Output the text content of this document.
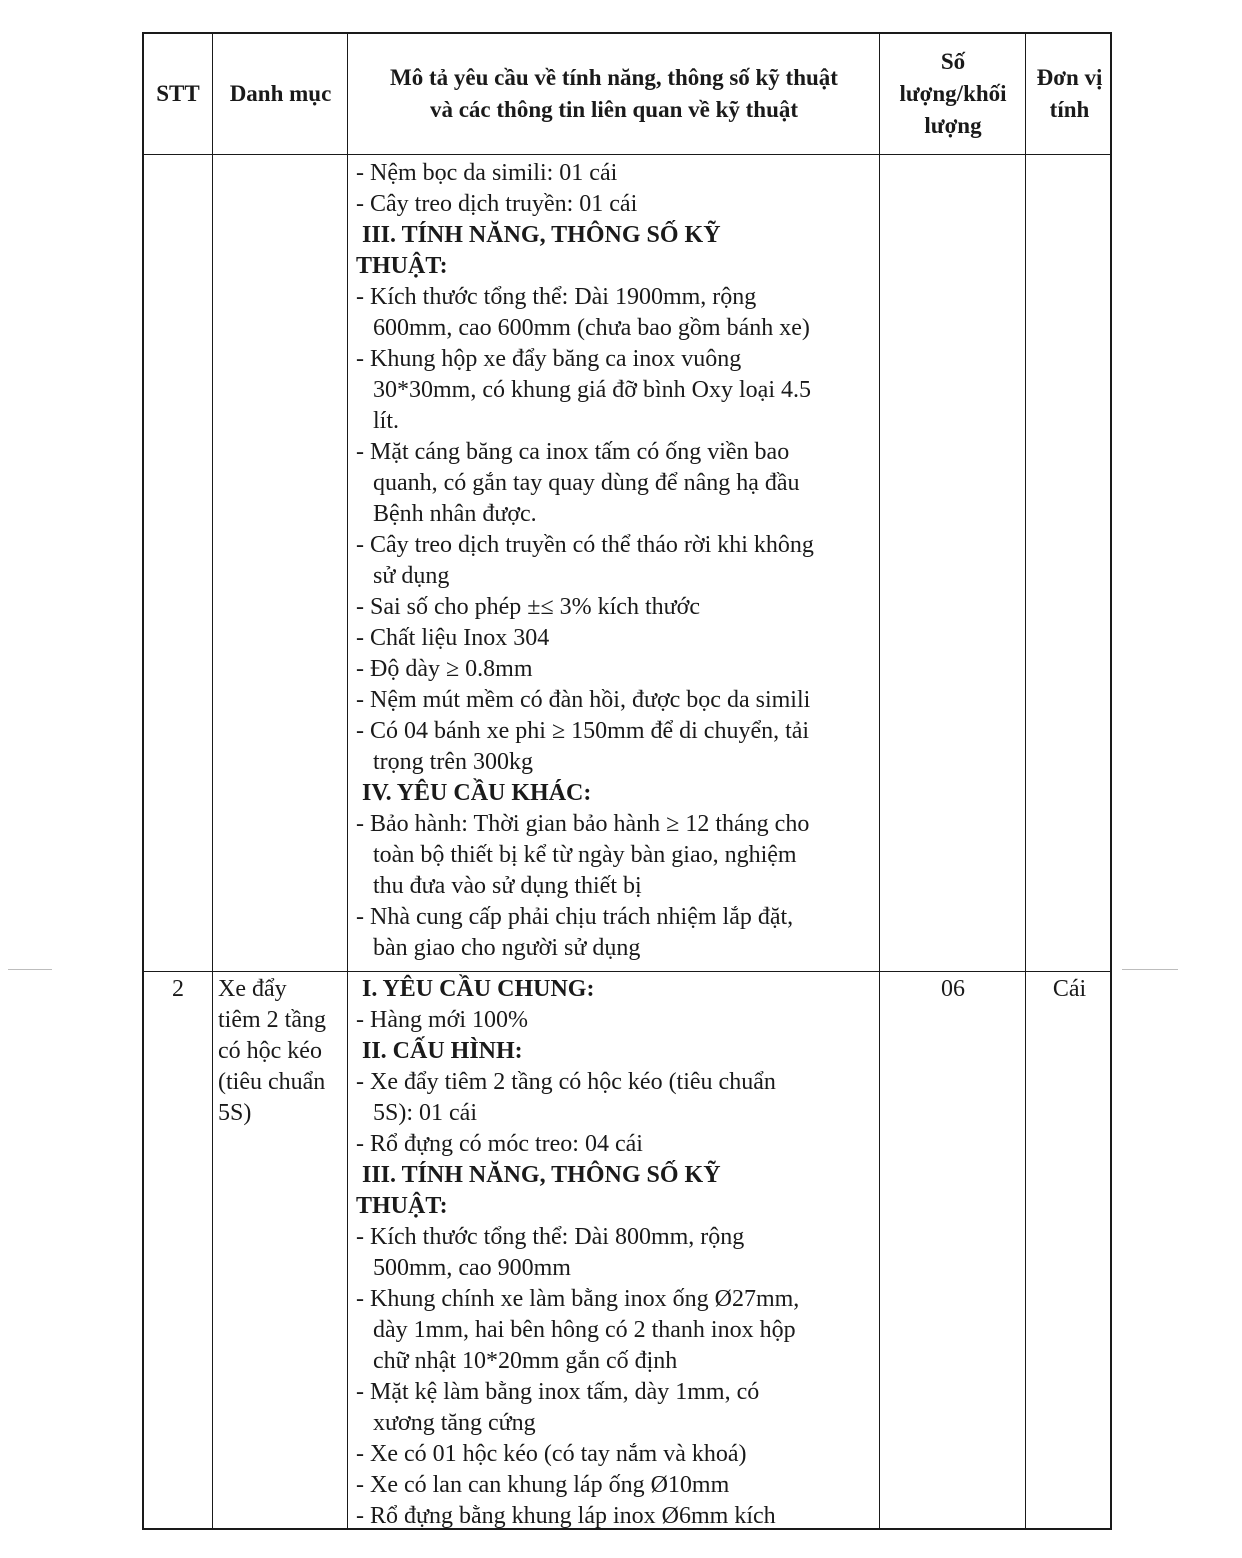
STT Danh mục
Mô tả yêu cầu về tính năng, thông số kỹ thuật
và các thông tin liên quan về kỹ thuật
Số
lượng/khối
lượng
Đơn vị
tính
- Nệm bọc da simili: 01 cái
- Cây treo dịch truyền: 01 cái
III. TÍNH NĂNG, THÔNG SỐ KỸ
THUẬT:
- Kích thước tổng thể: Dài 1900mm, rộng
600mm, cao 600mm (chưa bao gồm bánh xe)
- Khung hộp xe đẩy băng ca inox vuông
30*30mm, có khung giá đỡ bình Oxy loại 4.5
lít.
- Mặt cáng băng ca inox tấm có ống viền bao
quanh, có gắn tay quay dùng để nâng hạ đầu
Bệnh nhân được.
- Cây treo dịch truyền có thể tháo rời khi không
sử dụng
- Sai số cho phép ±≤ 3% kích thước
- Chất liệu Inox 304
- Độ dày ≥ 0.8mm
- Nệm mút mềm có đàn hồi, được bọc da simili
- Có 04 bánh xe phi ≥ 150mm để di chuyển, tải
trọng trên 300kg
IV. YÊU CẦU KHÁC:
- Bảo hành: Thời gian bảo hành ≥ 12 tháng cho
toàn bộ thiết bị kể từ ngày bàn giao, nghiệm
thu đưa vào sử dụng thiết bị
- Nhà cung cấp phải chịu trách nhiệm lắp đặt,
bàn giao cho người sử dụng
2	Xe đẩy
tiêm 2 tầng
có hộc kéo
(tiêu chuẩn
5S)
I. YÊU CẦU CHUNG:
- Hàng mới 100%
II. CẤU HÌNH:
- Xe đẩy tiêm 2 tầng có hộc kéo (tiêu chuẩn
5S): 01 cái
- Rổ đựng có móc treo: 04 cái
III. TÍNH NĂNG, THÔNG SỐ KỸ
THUẬT:
- Kích thước tổng thể: Dài 800mm, rộng
500mm, cao 900mm
- Khung chính xe làm bằng inox ống Ø27mm,
dày 1mm, hai bên hông có 2 thanh inox hộp
chữ nhật 10*20mm gắn cố định
- Mặt kệ làm bằng inox tấm, dày 1mm, có
xương tăng cứng
- Xe có 01 hộc kéo (có tay nắm và khoá)
- Xe có lan can khung láp ống Ø10mm
- Rổ đựng bằng khung láp inox Ø6mm kích
06	Cái
